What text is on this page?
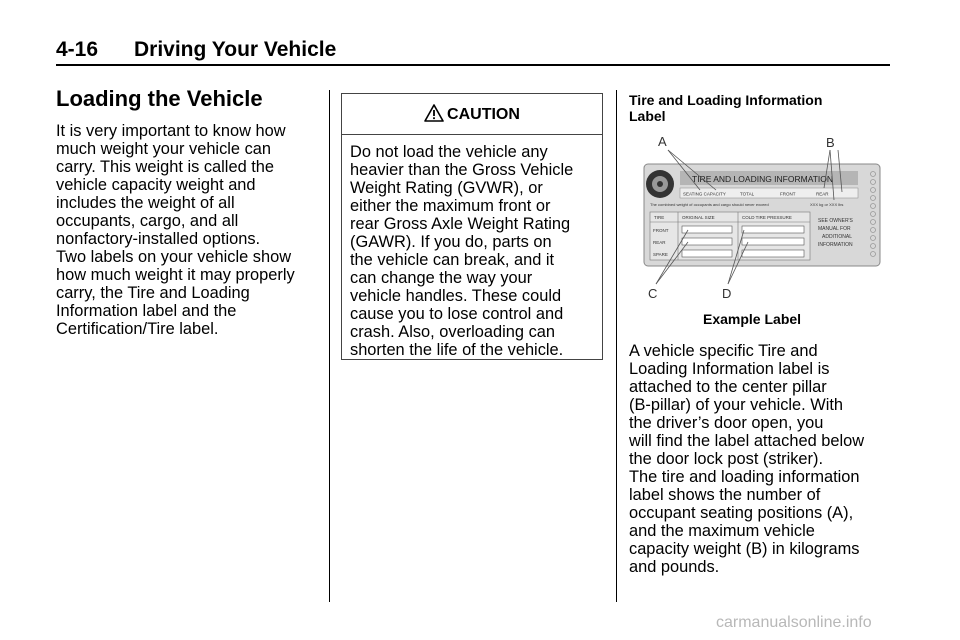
4-16 Driving Your Vehicle
Loading the Vehicle
It is very important to know how
much weight your vehicle can
carry. This weight is called the
vehicle capacity weight and
includes the weight of all
occupants, cargo, and all
nonfactory-installed options.
Two labels on your vehicle show
how much weight it may properly
carry, the Tire and Loading
Information label and the
Certification/Tire label.
CAUTION
Do not load the vehicle any
heavier than the Gross Vehicle
Weight Rating (GVWR), or
either the maximum front or
rear Gross Axle Weight Rating
(GAWR). If you do, parts on
the vehicle can break, and it
can change the way your
vehicle handles. These could
cause you to lose control and
crash. Also, overloading can
shorten the life of the vehicle.
Tire and Loading Information
Label
TIRE AND LOADING INFORMATION
SEATING CAPACITY	TOTAL	FRONT	REAR
The combined weight of occupants and cargo should never exceed	XXX kg or XXX lbs
TIRE	ORIGINAL SIZE	COLD TIRE PRESSURE
FRONT
REAR
SPARE
SEE OWNER'S
MANUAL FOR
ADDITIONAL
INFORMATION
A	B
C	D
Example Label
A vehicle specific Tire and
Loading Information label is
attached to the center pillar
(B-pillar) of your vehicle. With
the driver’s door open, you
will find the label attached below
the door lock post (striker).
The tire and loading information
label shows the number of
occupant seating positions (A),
and the maximum vehicle
capacity weight (B) in kilograms
and pounds.
carmanualsonline.info
